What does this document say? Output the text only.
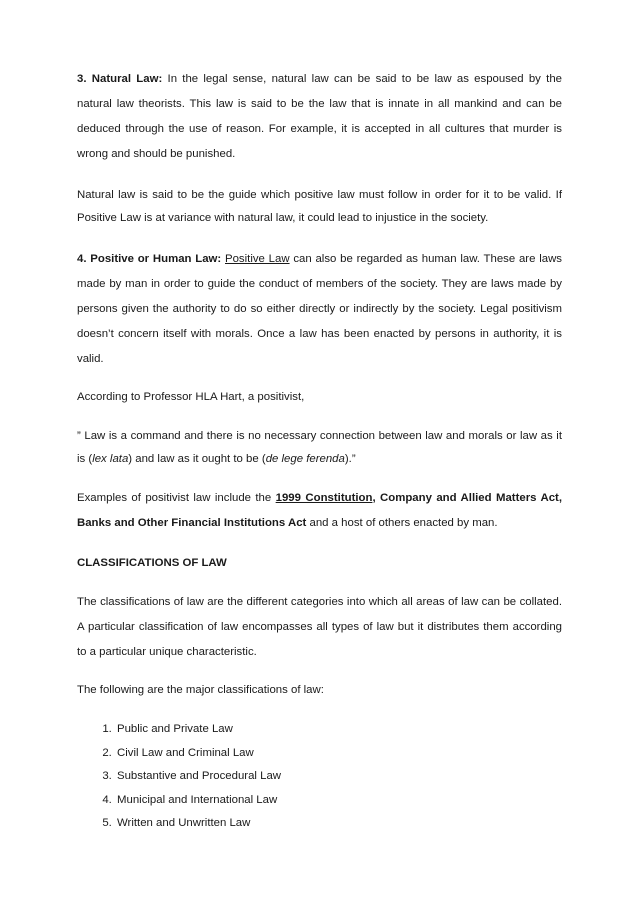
3. Natural Law: In the legal sense, natural law can be said to be law as espoused by the natural law theorists. This law is said to be the law that is innate in all mankind and can be deduced through the use of reason. For example, it is accepted in all cultures that murder is wrong and should be punished.

Natural law is said to be the guide which positive law must follow in order for it to be valid. If Positive Law is at variance with natural law, it could lead to injustice in the society.

4. Positive or Human Law: Positive Law can also be regarded as human law. These are laws made by man in order to guide the conduct of members of the society. They are laws made by persons given the authority to do so either directly or indirectly by the society. Legal positivism doesn’t concern itself with morals. Once a law has been enacted by persons in authority, it is valid.

According to Professor HLA Hart, a positivist,

” Law is a command and there is no necessary connection between law and morals or law as it is (lex lata) and law as it ought to be (de lege ferenda).”

Examples of positivist law include the 1999 Constitution, Company and Allied Matters Act, Banks and Other Financial Institutions Act and a host of others enacted by man.

CLASSIFICATIONS OF LAW

The classifications of law are the different categories into which all areas of law can be collated. A particular classification of law encompasses all types of law but it distributes them according to a particular unique characteristic.

The following are the major classifications of law:

1. Public and Private Law
2. Civil Law and Criminal Law
3. Substantive and Procedural Law
4. Municipal and International Law
5. Written and Unwritten Law
